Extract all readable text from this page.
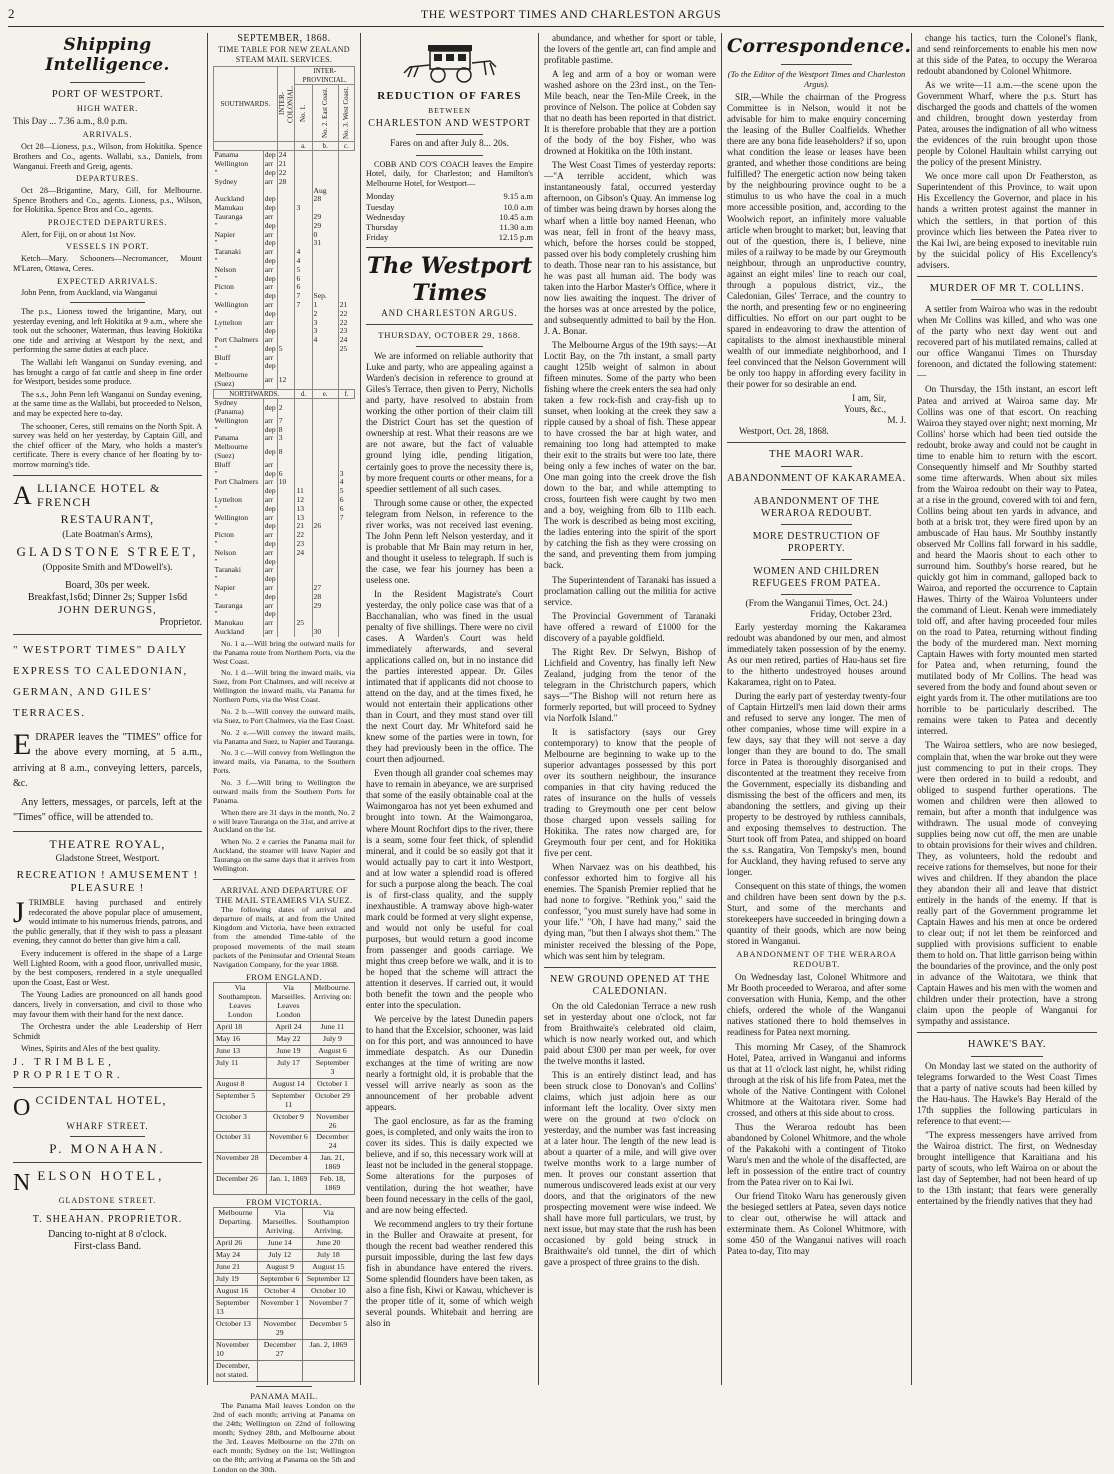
2	THE WESTPORT TIMES AND CHARLESTON ARGUS
Shipping Intelligence.
PORT OF WESTPORT.
HIGH WATER.

This Day ... 7.36 a.m., 8.0 p.m.

ARRIVALS.

Oct 28—Lioness, p.s., Wilson, from Hokitika. Spence Brothers and Co., agents. Wallabi, s.s., Daniels, from Wanganui. Freeth and Greig, agents.

DEPARTURES.

Oct 28—Brigantine, Mary, Gill, for Melbourne. Spence Brothers and Co., agents. Lioness, p.s., Wilson, for Hokitika. Spence Bros and Co., agents.

PROJECTED DEPARTURES.

Alert, for Fiji, on or about 1st Nov.

VESSELS IN PORT.

Ketch—Mary. Schooners—Necromancer, Mount M'Laren, Ottawa, Ceres.

EXPECTED ARRIVALS.

John Penn, from Auckland, via Wanganui

The p.s., Lioness towed the brigantine, Mary, out yesterday evening, and left Hokitika at 9 a.m., where she took out the schooner, Waterman, thus leaving Hokitika one tide and arriving at Westport by the next, and performing the same duties at each place.

The Wallabi left Wanganui on Sunday evening, and has brought a cargo of fat cattle and sheep in fine order for Westport, besides some produce.

The s.s., John Penn left Wanganui on Sunday evening, at the same time as the Wallabi, but proceeded to Nelson, and may be expected here to-day.

The schooner, Ceres, still remains on the North Spit. A survey was held on her yesterday, by Captain Gill, and the chief officer of the Mary, who holds a master's certificate. There is every chance of her floating by to-morrow morning's tide.

ALLIANCE HOTEL & FRENCH
RESTAURANT,
(Late Boatman's Arms),
GLADSTONE STREET,
(Opposite Smith and M'Dowell's).
Board, 30s per week.
Breakfast,1s6d; Dinner 2s; Supper 1s6d
JOHN DERUNGS,
Proprietor.
" WESTPORT TIMES" DAILY EXPRESS TO CALEDONIAN, GERMAN, AND GILES' TERRACES.
E DRAPER leaves the "TIMES" office for the above every morning, at 5 a.m., arriving at 8 a.m., conveying letters, parcels, &c.

Any letters, messages, or parcels, left at the "Times" office, will be attended to.

THEATRE ROYAL,
Gladstone Street, Westport.
RECREATION ! AMUSEMENT ! PLEASURE !
J TRIMBLE having purchased and entirely redecorated the above popular place of amusement, would intimate to his numerous friends, patrons, and the public generally, that if they wish to pass a pleasant evening, they cannot do better than give him a call.

Every inducement is offered in the shape of a Large Well Lighted Room, with a good floor, unrivalled music, by the best composers, rendered in a style unequalled upon the Coast, East or West.

The Young Ladies are pronounced on all hands good dancers, lively in conversation, and civil to those who may favour them with their hand for the next dance.

The Orchestra under the able Leadership of Herr Schmidt

Wines, Spirits and Ales of the best quality.

J. TRIMBLE, PROPRIETOR.
OCCIDENTAL HOTEL,
WHARF STREET.
P. MONAHAN.
NELSON HOTEL,
GLADSTONE STREET.
T. SHEAHAN. PROPRIETOR.
Dancing to-night at 8 o'clock.
First-class Band.
SEPTEMBER, 1868.
TIME TABLE FOR NEW ZEALAND STEAM MAIL SERVICES.
SOUTHWARDS.		INTER-COLONIAL.	INTER-PROVINCIAL.		

			No. 1.	No. 2. East Coast.	No. 3. West Coast.

			a.	b.	c.
Panama	dep	24			
Wellington	arr	21			
"	dep	22			
Sydney	arr	28			
				Aug	
Auckland	dep			28	
Manukau	dep		3		
Tauranga	arr			29	
"	dep			29	
Napier	arr			0	
"	dep			31	
Taranaki	arr		4		
"	dep		4		
Nelson	arr		5		
"	dep		6		
Picton	arr		6		
"	dep		7	Sep.	
Wellington	arr		7	1	21
"	dep			2	22
Lyttelton	arr			3	22
"	dep			3	23
Port Chalmers	arr			4	24
"	dep	5			25
Bluff	arr				
"	dep				
Melbourne (Suez)	arr	12			
NORTHWARDS.			d.	e.	f.
Sydney (Panama)	dep	2			
Wellington	arr	7			
"	dep	8			
Panama	arr	3			
Melbourne (Suez)	dep	8			
Bluff	arr				
"	dep	6			3
Port Chalmers	arr	10			4
"	dep		11		5
Lyttelton	arr		12		6
"	dep		13		6
Wellington	arr		13		7
"	dep		21	26	
Picton	arr		22		
"	dep		23		
Nelson	arr		24		
"	dep				
Taranaki	arr				
"	dep				
Napier	arr			27	
"	dep			28	
Tauranga	arr			29	
"	dep				
Manukau	arr		25		
Auckland	arr			30	

No. 1 a.—Will bring the outward mails for the Panama route from Northern Ports, via the West Coast.

No. 1 d.—Will bring the inward mails, via Suez, from Port Chalmers, and will receive at Wellington the inward mails, via Panama for Northern Ports, via the West Coast.

No. 2 b.—Will convey the outward mails, via Suez, to Port Chalmers, via the East Coast.

No. 2 e.—Will convey the inward mails, via Panama and Suez, to Napier and Tauranga.

No. 3 c.—Will convey from Wellington the inward mails, via Panama, to the Southern Ports.

No. 3 f.—Will bring to Wellington the outward mails from the Southern Ports for Panama.

When there are 31 days in the month, No. 2 e will leave Tauranga on the 31st, and arrive at Auckland on the 1st.

When No. 2 e carries the Panama mail for Auckland, the steamer will leave Napier and Tauranga on the same days that it arrives from Wellington.

ARRIVAL AND DEPARTURE OF THE MAIL STEAMERS VIA SUEZ.

The following dates of arrival and departure of mails, at and from the United Kingdom and Victoria, have been extracted from the amended Time-table of the proposed movements of the mail steam packets of the Peninsular and Oriental Steam Navigation Company, for the year 1868.

FROM ENGLAND.
Via Southampton. Leaves London	Via Marseilles. Leaves London	Melbourne. Arriving on:
April 18	April 24	June 11
May 16	May 22	July 9
June 13	June 19	August 6
July 11	July 17	September 3
August 8	August 14	October 1
September 5	September 11	October 29
October 3	October 9	November 26
October 31	November 6	December 24
November 28	December 4	Jan. 21, 1869
December 26	Jan. 1, 1869	Feb. 18, 1869
FROM VICTORIA.
Melbourne Departing.	Via Marseilles. Arriving.	Via Southampton Arriving.
April 26	June 14	June 20
May 24	July 12	July 18
June 21	August 9	August 15
July 19	September 6	September 12
August 16	October 4	October 10
September 13	November 1	November 7
October 13	November 29	December 5
November 10	December 27	Jan. 2, 1869
December, not stated.		
PANAMA MAIL.

The Panama Mail leaves London on the 2nd of each month; arriving at Panama on the 24th; Wellington on 22nd of following month; Sydney 28th, and Melbourne about the 3rd. Leaves Melbourne on the 27th on each month; Sydney on the 1st; Wellington on the 8th; arriving at Panama on the 5th and London on the 30th.

REDUCTION OF FARES
BETWEEN
CHARLESTON AND WESTPORT
Fares on and after July 8... 20s.

COBB AND CO'S COACH leaves the Empire Hotel, daily, for Charleston; and Hamilton's Melbourne Hotel, for Westport—

Monday	9.15 a.m
Tuesday	10.0 a.m
Wednesday	10.45 a.m
Thursday	11.30 a.m
Friday	12.15 p.m
The Westport Times
AND CHARLESTON ARGUS.
THURSDAY, OCTOBER 29, 1868.

We are informed on reliable authority that Luke and party, who are appealing against a Warden's decision in reference to ground at Giles's Terrace, then given to Perry, Nicholls and party, have resolved to abstain from working the other portion of their claim till the District Court has set the question of ownership at rest. What their reasons are we are not aware, but the fact of valuable ground lying idle, pending litigation, certainly goes to prove the necessity there is, by more frequent courts or other means, for a speedier settlement of all such cases.

Through some cause or other, the expected telegram from Nelson, in reference to the river works, was not received last evening. The John Penn left Nelson yesterday, and it is probable that Mr Bain may return in her, and thought it useless to telegraph. If such is the case, we fear his journey has been a useless one.

In the Resident Magistrate's Court yesterday, the only police case was that of a Bacchanalian, who was fined in the usual penalty of five shillings. There were no civil cases. A Warden's Court was held immediately afterwards, and several applications called on, but in no instance did the parties interested appear. Dr. Giles intimated that if applicants did not choose to attend on the day, and at the times fixed, he would not entertain their applications other than in Court, and they must stand over till the next Court day. Mr Whiteford said he knew some of the parties were in town, for they had previously been in the office. The court then adjourned.

Even though all grander coal schemes may have to remain in abeyance, we are surprised that some of the easily obtainable coal at the Waimongaroa has not yet been exhumed and brought into town. At the Waimongaroa, where Mount Rochfort dips to the river, there is a seam, some four feet thick, of splendid mineral, and it could be so easily got that it would actually pay to cart it into Westport, and at low water a splendid road is offered for such a purpose along the beach. The coal is of first-class quality, and the supply inexhaustible. A tramway above high-water mark could be formed at very slight expense, and would not only be useful for coal purposes, but would return a good income from passenger and goods carriage. We might thus creep before we walk, and it is to be hoped that the scheme will attract the attention it deserves. If carried out, it would both benefit the town and the people who enter into the speculation.

We perceive by the latest Dunedin papers to hand that the Excelsior, schooner, was laid on for this port, and was announced to have immediate despatch. As our Dunedin exchanges at the time of writing are now nearly a fortnight old, it is probable that the vessel will arrive nearly as soon as the announcement of her probable advent appears.

The gaol enclosure, as far as the framing goes, is completed, and only waits the iron to cover its sides. This is daily expected we believe, and if so, this necessary work will at least not be included in the general stoppage. Some alterations for the purposes of ventilation, during the hot weather, have been found necessary in the cells of the gaol, and are now being effected.

We recommend anglers to try their fortune in the Buller and Orawaite at present, for though the recent bad weather rendered this pursuit impossible, during the last few days fish in abundance have entered the rivers. Some splendid flounders have been taken, as also a fine fish, Kiwi or Kawau, whichever is the proper title of it, some of which weigh several pounds. Whitebait and herring are also in

abundance, and whether for sport or table, the lovers of the gentle art, can find ample and profitable pastime.

A leg and arm of a boy or woman were washed ashore on the 23rd inst., on the Ten-Mile beach, near the Ten-Mile Creek, in the province of Nelson. The police at Cobden say that no death has been reported in that district. It is therefore probable that they are a portion of the body of the boy Fisher, who was drowned at Hokitika on the 10th instant.

The West Coast Times of yesterday reports:—"A terrible accident, which was instantaneously fatal, occurred yesterday afternoon, on Gibson's Quay. An immense log of timber was being drawn by horses along the wharf when a little boy named Heenan, who was near, fell in front of the heavy mass, which, before the horses could be stopped, passed over his body completely crushing him to death. Those near ran to his assistance, but he was past all human aid. The body was taken into the Harbor Master's Office, where it now lies awaiting the inquest. The driver of the horses was at once arrested by the police, and subsequently admitted to bail by the Hon. J. A. Bonar.

The Melbourne Argus of the 19th says:—At Loctit Bay, on the 7th instant, a small party caught 125lb weight of salmon in about fifteen minutes. Some of the party who been fishing where the creek enters the sea had only taken a few rock-fish and cray-fish up to sunset, when looking at the creek they saw a ripple caused by a shoal of fish. These appear to have crossed the bar at high water, and remaining too long had attempted to make their exit to the straits but were too late, there being only a few inches of water on the bar. One man going into the creek drove the fish down to the bar, and while attempting to cross, fourteen fish were caught by two men and a boy, weighing from 6lb to 11lb each. The work is described as being most exciting, the ladies entering into the spirit of the sport by catching the fish as they were crossing on the sand, and preventing them from jumping back.

The Superintendent of Taranaki has issued a proclamation calling out the militia for active service.

The Provincial Government of Taranaki have offered a reward of £1000 for the discovery of a payable goldfield.

The Right Rev. Dr Selwyn, Bishop of Lichfield and Coventry, has finally left New Zealand, judging from the tenor of the telegram in the Christchurch papers, which says—"The Bishop will not return here as formerly reported, but will proceed to Sydney via Norfolk Island."

It is satisfactory (says our Grey contemporary) to know that the people of Melbourne are beginning to wake up to the superior advantages possessed by this port over its southern neighbour, the insurance companies in that city having reduced the rates of insurance on the hulls of vessels trading to Greymouth one per cent below those charged upon vessels sailing for Hokitika. The rates now charged are, for Greymouth four per cent, and for Hokitika five per cent.

When Narvaez was on his deathbed, his confessor exhorted him to forgive all his enemies. The Spanish Premier replied that he had none to forgive. "Rethink you," said the confessor, "you must surely have had some in your life." "Oh, I have had many," said the dying man, "but then I always shot them." The minister received the blessing of the Pope, which was sent him by telegram.

NEW GROUND OPENED AT THE CALEDONIAN.

On the old Caledonian Terrace a new rush set in yesterday about one o'clock, not far from Braithwaite's celebrated old claim, which is now nearly worked out, and which paid about £300 per man per week, for over the twelve months it lasted.

This is an entirely distinct lead, and has been struck close to Donovan's and Collins' claims, which just adjoin here as our informant left the locality. Over sixty men were on the ground at two o'clock on yesterday, and the number was fast increasing at a later hour. The length of the new lead is about a quarter of a mile, and will give over twelve months work to a large number of men. It proves our constant assertion that numerous undiscovered leads exist at our very doors, and that the originators of the new prospecting movement were wise indeed. We shall have more full particulars, we trust, by next issue, but may state that the rush has been occasioned by gold being struck in Braithwaite's old tunnel, the dirt of which gave a prospect of three grains to the dish.

Correspondence.
(To the Editor of the Westport Times and Charleston Argus).

SIR,—While the chairman of the Progress Committee is in Nelson, would it not be advisable for him to make enquiry concerning the leasing of the Buller Coalfields. Whether there are any bona fide leaseholders? if so, upon what condition the lease or leases have been granted, and whether those conditions are being fulfilled? The energetic action now being taken by the neighbouring province ought to be a stimulus to us who have the coal in a much more accessible position, and, according to the Woolwich report, an infinitely more valuable article when brought to market; but, leaving that out of the question, there is, I believe, nine miles of a railway to be made by our Greymouth neighbour, through an unproductive country, against an eight miles' line to reach our coal, through a populous district, viz., the Caledonian, Giles' Terrace, and the country to the north, and presenting few or no engineering difficulties. No effort on our part ought to be spared in endeavoring to draw the attention of capitalists to the almost inexhaustible mineral wealth of our immediate neighborhood, and I feel convinced that the Nelson Government will be only too happy in affording every facility in their power for so desirable an end.

I am, Sir,
Yours, &c.,
M. J.
Westport, Oct. 28, 1868.
THE MAORI WAR.
ABANDONMENT OF KAKARAMEA.
ABANDONMENT OF THE WERAROA REDOUBT.
MORE DESTRUCTION OF PROPERTY.
WOMEN AND CHILDREN REFUGEES FROM PATEA.
(From the Wanganui Times, Oct. 24.)
Friday, October 23rd.

Early yesterday morning the Kakaramea redoubt was abandoned by our men, and almost immediately taken possession of by the enemy. As our men retired, parties of Hau-haus set fire to the hitherto undestroyed houses around Kakaramea, right on to Patea.

During the early part of yesterday twenty-four of Captain Hirtzell's men laid down their arms and refused to serve any longer. The men of other companies, whose time will expire in a few days, say that they will not serve a day longer than they are bound to do. The small force in Patea is thoroughly disorganised and discontented at the treatment they receive from the Government, especially its disbanding and dismissing the best of the officers and men, its abandoning the settlers, and giving up their property to be destroyed by ruthless cannibals, and exposing themselves to destruction. The Sturt took off from Patea, and shipped on board the s.s. Rangatira, Von Tempsky's men, bound for Auckland, they having refused to serve any longer.

Consequent on this state of things, the women and children have been sent down by the p.s. Sturt, and some of the merchants and storekeepers have succeeded in bringing down a quantity of their goods, which are now being stored in Wanganui.

ABANDONMENT OF THE WERAROA REDOUBT.

On Wednesday last, Colonel Whitmore and Mr Booth proceeded to Weraroa, and after some conversation with Hunia, Kemp, and the other chiefs, ordered the whole of the Wanganui natives stationed there to hold themselves in readiness for Patea next morning.

This morning Mr Casey, of the Shamrock Hotel, Patea, arrived in Wanganui and informs us that at 11 o'clock last night, he, whilst riding through at the risk of his life from Patea, met the whole of the Native Contingent with Colonel Whitmore at the Waitotara river. Some had crossed, and others at this side about to cross.

Thus the Weraroa redoubt has been abandoned by Colonel Whitmore, and the whole of the Pakakohi with a contingent of Titoko Waru's men and the whole of the disaffected, are left in possession of the entire tract of country from the Patea river on to Kai Iwi.

Our friend Titoko Waru has generously given the besieged settlers at Patea, seven days notice to clear out, otherwise he will attack and exterminate them. As Colonel Whitmore, with some 450 of the Wanganui natives will roach Patea to-day, Tito may

change his tactics, turn the Colonel's flank, and send reinforcements to enable his men now at this side of the Patea, to occupy the Weraroa redoubt abandoned by Colonel Whitmore.

As we write—11 a.m.—the scene upon the Government Wharf, where the p.s. Sturt has discharged the goods and chattels of the women and children, brought down yesterday from Patea, arouses the indignation of all who witness the evidences of the ruin brought upon those people by Colonel Haultain whilst carrying out the policy of the present Ministry.

We once more call upon Dr Featherston, as Superintendent of this Province, to wait upon His Excellency the Governor, and place in his hands a written protest against the manner in which the settlers, in that portion of this province which lies between the Patea river to the Kai Iwi, are being exposed to inevitable ruin by the suicidal policy of His Excellency's advisers.

MURDER OF MR T. COLLINS.

A settler from Wairoa who was in the redoubt when Mr Collins was killed, and who was one of the party who next day went out and recovered part of his mutilated remains, called at our office Wanganui Times on Thursday forenoon, and dictated the following statement:—

On Thursday, the 15th instant, an escort left Patea and arrived at Wairoa same day. Mr Collins was one of that escort. On reaching Wairoa they stayed over night; next morning, Mr Collins' horse which had been tied outside the redoubt, broke away and could not be caught in time to enable him to return with the escort. Consequently himself and Mr Southby started some time afterwards. When about six miles from the Wairoa redoubt on their way to Patea, at a rise in the ground, covered with toi and fern, Collins being about ten yards in advance, and both at a brisk trot, they were fired upon by an ambuscade of Hau haus. Mr Southby instantly observed Mr Collins fall forward in his saddle, and heard the Maoris shout to each other to surround him. Southby's horse reared, but he quickly got him in command, galloped back to Wairoa, and reported the occurrence to Captain Hawes. Thirty of the Wairoa Volunteers under the command of Lieut. Kenah were immediately told off, and after having proceeded four miles on the road to Patea, returning without finding the body of the murdered man. Next morning Captain Hawes with forty mounted men started for Patea and, when returning, found the mutilated body of Mr Collins. The head was severed from the body and found about seven or eight yards from it. The other mutilations are too horrible to be particularly described. The remains were taken to Patea and decently interred.

The Wairoa settlers, who are now besieged, complain that, when the war broke out they were just commencing to put in their crops. They were then ordered in to build a redoubt, and obliged to suspend further operations. The women and children were then allowed to remain, but after a month that indulgence was withdrawn. The usual mode of conveying supplies being now cut off, the men are unable to obtain provisions for their wives and children. They, as volunteers, hold the redoubt and receive rations for themselves, but none for their wives and children. If they abandon the place they abandon their all and leave that district entirely in the hands of the enemy. If that is really part of the Government programme let Captain Hawes and his men at once be ordered to clear out; if not let them be reinforced and supplied with provisions sufficient to enable them to hold on. That little garrison being within the boundaries of the province, and the only post in advance of the Waitotara, we think that Captain Hawes and his men with the women and children under their protection, have a strong claim upon the people of Wanganui for sympathy and assistance.

HAWKE'S BAY.

On Monday last we stated on the authority of telegrams forwarded to the West Coast Times that a party of native scouts had been killed by the Hau-haus. The Hawke's Bay Herald of the 17th supplies the following particulars in reference to that event:—

"The express messengers have arrived from the Wairoa district. The first, on Wednesday brought intelligence that Karaitiana and his party of scouts, who left Wairoa on or about the last day of September, had not been heard of up to the 13th instant; that fears were generally entertained by the friendly natives that they had
